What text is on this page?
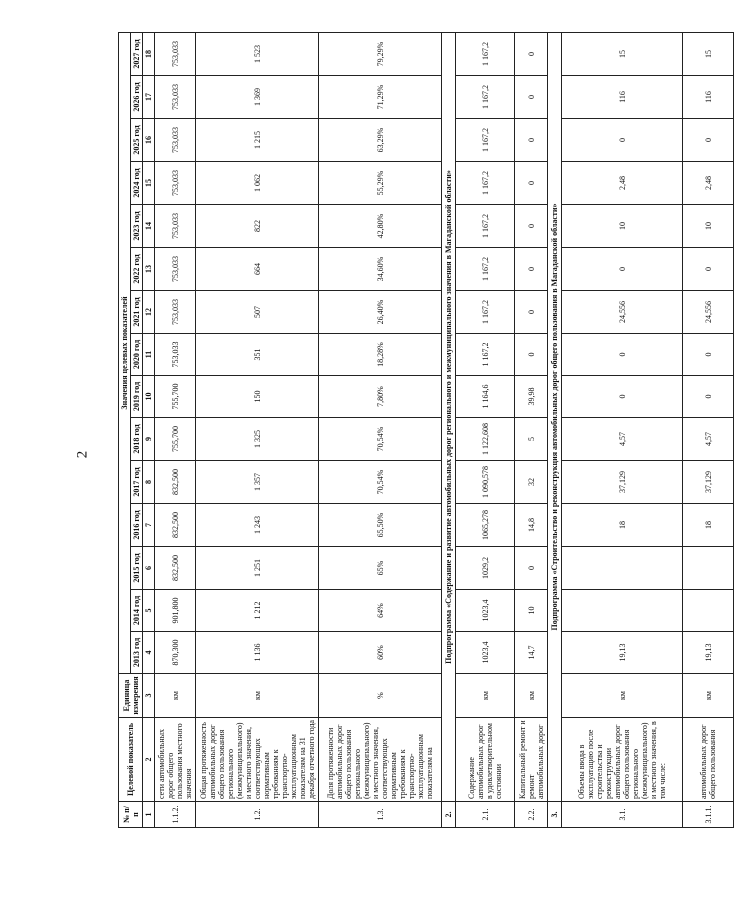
2
№ п/п	Целевой показатель	Единица измерения	Значения целевых показателей														
			2013 год	2014 год	2015 год	2016 год	2017 год	2018 год	2019 год	2020 год	2021 год	2022 год	2023 год	2024 год	2025 год	2026 год	2027 год
1	2	3	4	5	6	7	8	9	10	11	12	13	14	15	16	17	18
1.1.2.	сети автомобильных дорог общего пользования местного значения	км	870,300	901,800	832,500	832,500	832,500	755,700	755,700	753,033	753,033	753,033	753,033	753,033	753,033	753,033	753,033
1.2.	Общая протяженность автомобильных дорог общего пользования регионального (межмуниципального) и местного значения, соответствующих нормативным требованиям к транспортно-эксплуатационным показателям на 31 декабря отчетного года	км	1 136	1 212	1 251	1 243	1 357	1 325	150	351	507	664	822	1 062	1 215	1 369	1 523
1.3.	Доля протяженности автомобильных дорог общего пользования регионального (межмуниципального) и местного значения, соответствующих нормативным требованиям к транспортно-эксплуатационным показателям на	%	60%	64%	65%	65,50%	70,54%	70,54%	7,80%	18,28%	26,40%	34,60%	42,80%	55,29%	63,29%	71,29%	79,29%
2.	Подпрограмма «Содержание и развитие автомобильных дорог регионального и межмуниципального значения в Магаданской области»																
2.1.	Содержание автомобильных дорог в удовлетворительном состоянии	км	1023,4	1023,4	1029,2	1065,278	1 090,578	1 122,608	1 164,6	1 167,2	1 167,2	1 167,2	1 167,2	1 167,2	1 167,2	1 167,2	1 167,2
2.2.	Капитальный ремонт и ремонт автомобильных дорог	км	14,7	10	0	14,8	32	5	39,98	0	0	0	0	0	0	0	0
3.	Подпрограмма «Строительство и реконструкция автомобильных дорог общего пользования в Магаданской области»																
3.1.	Объемы ввода в эксплуатацию после строительства и реконструкции автомобильных дорог общего пользования регионального (межмуниципального) и местного значения, в том числе:	км	19,13			18	37,129	4,57	0	0	24,556	0	10	2,48	0	116	15
3.1.1.	автомобильных дорог общего пользования	км	19,13			18	37,129	4,57	0	0	24,556	0	10	2,48	0	116	15
